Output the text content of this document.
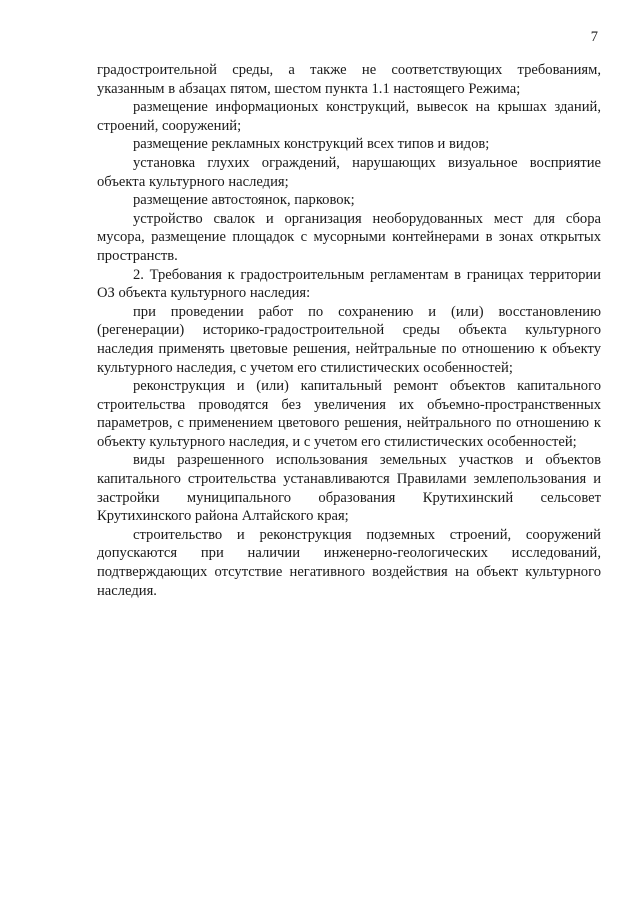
7

градостроительной среды, а также не соответствующих требованиям, указанным в абзацах пятом, шестом пункта 1.1 настоящего Режима;

размещение информационых конструкций, вывесок на крышах зданий, строений, сооружений;

размещение рекламных конструкций всех типов и видов;

установка глухих ограждений, нарушающих визуальное восприятие объекта культурного наследия;

размещение автостоянок, парковок;

устройство свалок и организация необорудованных мест для сбора мусора, размещение площадок с мусорными контейнерами в зонах открытых пространств.

2. Требования к градостроительным регламентам в границах территории ОЗ объекта культурного наследия:

при проведении работ по сохранению и (или) восстановлению (регенерации) историко-градостроительной среды объекта культурного наследия применять цветовые решения, нейтральные по отношению к объекту культурного наследия, с учетом его стилистических особенностей;

реконструкция и (или) капитальный ремонт объектов капитального строительства проводятся без увеличения их объемно-пространственных параметров, с применением цветового решения, нейтрального по отношению к объекту культурного наследия, и с учетом его стилистических особенностей;

виды разрешенного использования земельных участков и объектов капитального строительства устанавливаются Правилами землепользования и застройки муниципального образования Крутихинский сельсовет Крутихинского района Алтайского края;

строительство и реконструкция подземных строений, сооружений допускаются при наличии инженерно-геологических исследований, подтверждающих отсутствие негативного воздействия на объект культурного наследия.
